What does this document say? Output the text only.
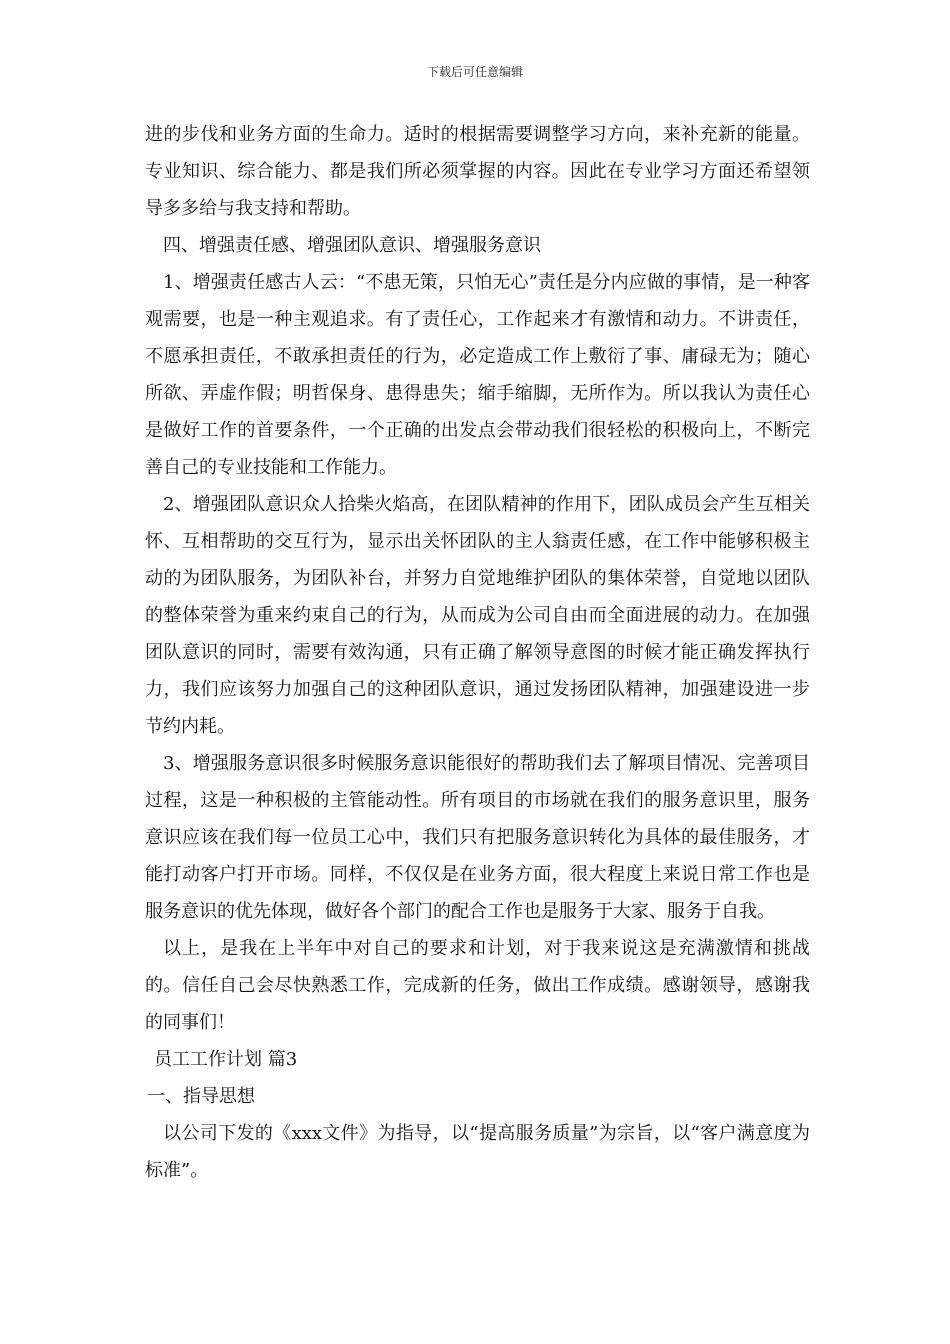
下载后可任意编辑

进的步伐和业务方面的生命力。适时的根据需要调整学习方向，来补充新的能量。专业知识、综合能力、都是我们所必须掌握的内容。因此在专业学习方面还希望领导多多给与我支持和帮助。

四、增强责任感、增强团队意识、增强服务意识

1、增强责任感古人云：“不患无策，只怕无心”责任是分内应做的事情，是一种客观需要，也是一种主观追求。有了责任心，工作起来才有激情和动力。不讲责任，不愿承担责任，不敢承担责任的行为，必定造成工作上敷衍了事、庸碌无为；随心所欲、弄虚作假；明哲保身、患得患失；缩手缩脚，无所作为。所以我认为责任心是做好工作的首要条件，一个正确的出发点会带动我们很轻松的积极向上，不断完善自己的专业技能和工作能力。

2、增强团队意识众人拾柴火焰高，在团队精神的作用下，团队成员会产生互相关怀、互相帮助的交互行为，显示出关怀团队的主人翁责任感，在工作中能够积极主动的为团队服务，为团队补台，并努力自觉地维护团队的集体荣誉，自觉地以团队的整体荣誉为重来约束自己的行为，从而成为公司自由而全面进展的动力。在加强团队意识的同时，需要有效沟通，只有正确了解领导意图的时候才能正确发挥执行力，我们应该努力加强自己的这种团队意识，通过发扬团队精神，加强建设进一步节约内耗。

3、增强服务意识很多时候服务意识能很好的帮助我们去了解项目情况、完善项目过程，这是一种积极的主管能动性。所有项目的市场就在我们的服务意识里，服务意识应该在我们每一位员工心中，我们只有把服务意识转化为具体的最佳服务，才能打动客户打开市场。同样，不仅仅是在业务方面，很大程度上来说日常工作也是服务意识的优先体现，做好各个部门的配合工作也是服务于大家、服务于自我。

以上，是我在上半年中对自己的要求和计划，对于我来说这是充满激情和挑战的。信任自己会尽快熟悉工作，完成新的任务，做出工作成绩。感谢领导，感谢我的同事们！

员工工作计划 篇3

一、指导思想

以公司下发的《xxx文件》为指导，以“提高服务质量”为宗旨，以“客户满意度为标准”。
